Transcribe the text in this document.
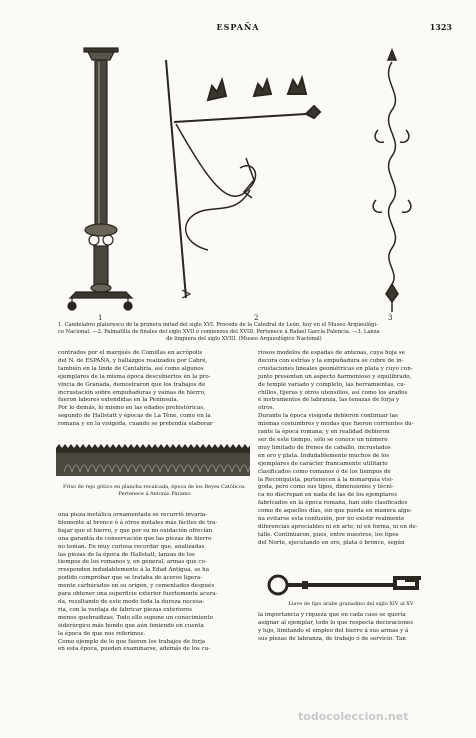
ESPAÑA	1323
1	2	3
1. Candelabro plateresco de la primera mitad del siglo XVI. Procede de la Catedral de León, hoy en el Museo Arqueológi-
co Nacional. —2. Palmatilla de finales del siglo XVII ó comienzos del XVIII. Pertenece á Rafael García Palencia. —3. Lanza
de linguera del siglo XVIII. (Museo Arqueológico Nacional)
contrados por el marqués de Comillas en acrópolis
del N. de ESPAÑA, y hallazgos realizados por Cabré,
también en la linde de Cantabria, así como algunos
ejemplares de la misma época descubiertos en la pro-
vincia de Granada, demostraron que los trabajos de
incrustación sobre empuñaduras y vainas de hierro,
fueron labores extendidas en la Península.
Por lo demás, lo mismo en las edades prehistóricas,
segundo de Hallstatt y épocas de La Tène, como en la
romana y en la visigoda, cuando se pretendía elaborar
Friso de rejo gótico en plancha recalcada, época de los Reyes Católicos. Pertenece á Antonio Páramo
una pieza metálica ornamentada se recurrió invaria-
blemente al bronce ó á otros metales más fáciles de tra-
bajar que el hierro, y que por su no oxidación ofrecían
una garantía de conservación que las piezas de hierro
no tenían. En muy curiosa recordar que, analizadas
las piezas de la época de Hallstatt, lanzas de los
tiempos de los romanos y, en general, armas que co-
rresponden indudablemente á la Edad Antigua, se ha
podido comprobar que se trataba de aceros ligera-
mente carburados en su origen, y cementados después
para obtener una superficie exterior fuertemente acera-
da, resultando de este modo toda la dureza necesa-
ria, con la ventaja de fabricar piezas exteriores
menos quebradizas. Todo ello supone un conocimiento
siderúrgico más hondo que aún teniendo en cuenta
la época de que nos referimos.
Como ejemplo de lo que fueron los trabajos de forja
en esta época, pueden examinarse, además de los cu-
riosos modelos de espadas de antenas, cuya hoja se
decora con estrías y la empuñadura se cubre de in-
crustaciones lineales geométricas en plata y cuyo con-
junto presentan un aspecto harmonioso y equilibrado,
de temple variado y completo, las herramientas, cu-
chillos, tijeras y otros utensilios, así como los arados
é instrumentos de labranza, las tenazas de forja y
otros.
Durante la época visigoda debieron continuar las
mismas costumbres y modas que fueron corrientes du-
rante la época romana; y en realidad debieron
ser de este tiempo, sólo se conoce un número
muy limitado de frenos de caballo, incrustados
en oro y plata. Indudablemente muchos de los
ejemplares de carácter francamente utilitario
clasificados como romanos ó de los tiempos de
la Reconquista, pertenecen á la monarquía visi-
goda, pero como sus tipos, dimensiones y técni-
ca no discrepan en nada de las de los ejemplares
fabricados en la época romana, han sido clasificados
como de aquellos días, sin que pueda en manera algu-
na evitarse esta confusión, por no existir realmente
diferencias apreciables ni en arte, ni en forma, ni en de-
talle. Continuaron, pues, entre nuestros, los tipos
del Norte, ejecutando en oro, plata ó bronce, según
Llave de tipo árabe granadino del siglo XIV al XV
la importancia y riqueza que en cada caso se quería
asignar al ejemplar, todo lo que respecta decoraciones
y lujo, limitando el empleo del hierro á sus armas y á
sus piezas de labranza, de trabajo ó de servicio. Tan
todocoleccion.net
